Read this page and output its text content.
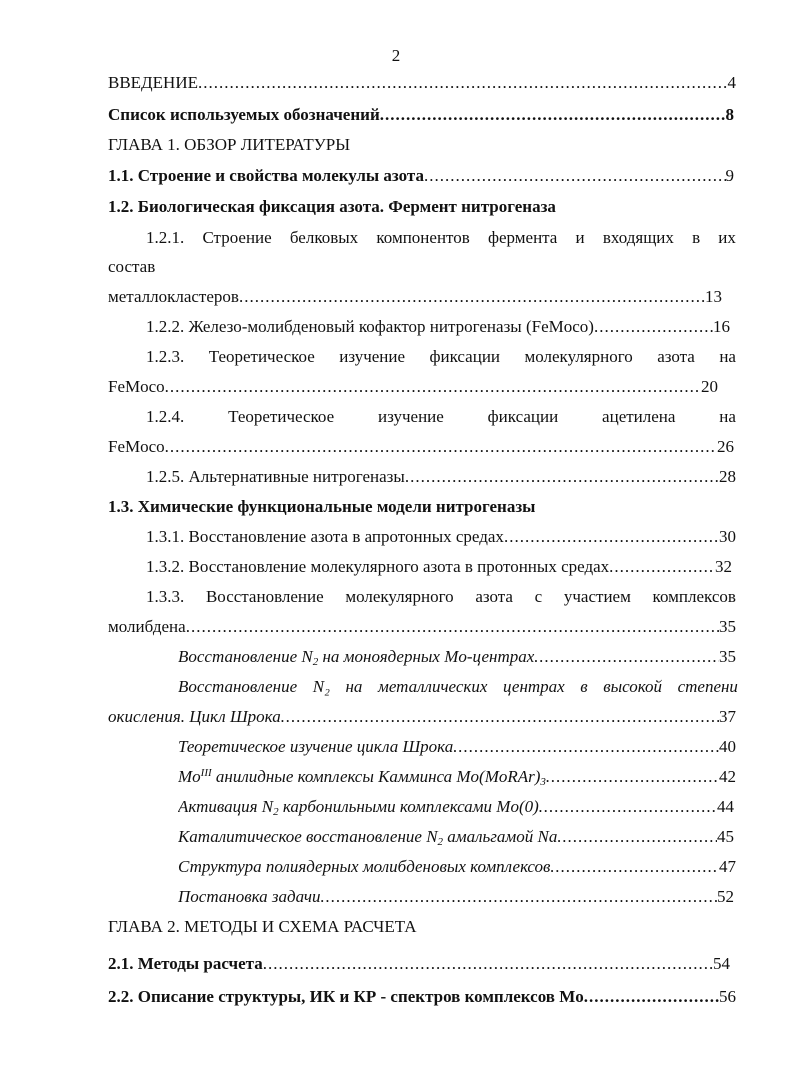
2
ВВЕДЕНИЕ .....	4
Список используемых обозначений .....	8
ГЛАВА 1. ОБЗОР ЛИТЕРАТУРЫ
1.1. Строение и свойства молекулы азота .....	9
1.2. Биологическая фиксация азота. Фермент нитрогеназа
1.2.1. Строение белковых компонентов фермента и входящих в их
состав
металлокластеров .....	13
1.2.2. Железо-молибденовый кофактор нитрогеназы (FeMoco) .....	16
1.2.3. Теоретическое изучение фиксации молекулярного азота на
FeMoco .....	20
1.2.4.	Теоретическое	изучение	фиксации	ацетилена	на
FeMoco .....	26
1.2.5. Альтернативные нитрогеназы .....	28
1.3. Химические функциональные модели нитрогеназы
1.3.1. Восстановление азота в апротонных средах .....	30
1.3.2. Восстановление молекулярного азота в протонных средах .....	32
1.3.3. Восстановление молекулярного азота с участием комплексов
молибдена .....	35
Восстановление $N_2$ на моноядерных Mo-центрах .....	35
Восстановление N₂ на металлических центрах в высокой степени
окисления. Цикл Шрока .....	37
Теоретическое изучение цикла Шрока .....	40
$Mo^{III}$ анилидные комплексы Камминса $Mo(MoRAr)_3$ .....	42
Активация $N_2$ карбонильными комплексами Mo(0) .....	44
Каталитическое восстановление $N_2$ амальгамой Na .....	45
Структура полиядерных молибденовых комплексов .....	47
Постановка задачи .....	52
ГЛАВА 2. МЕТОДЫ И СХЕМА РАСЧЕТА
2.1. Методы расчета .....	54
2.2. Описание структуры, ИК и КР - спектров комплексов Mo .....	56
